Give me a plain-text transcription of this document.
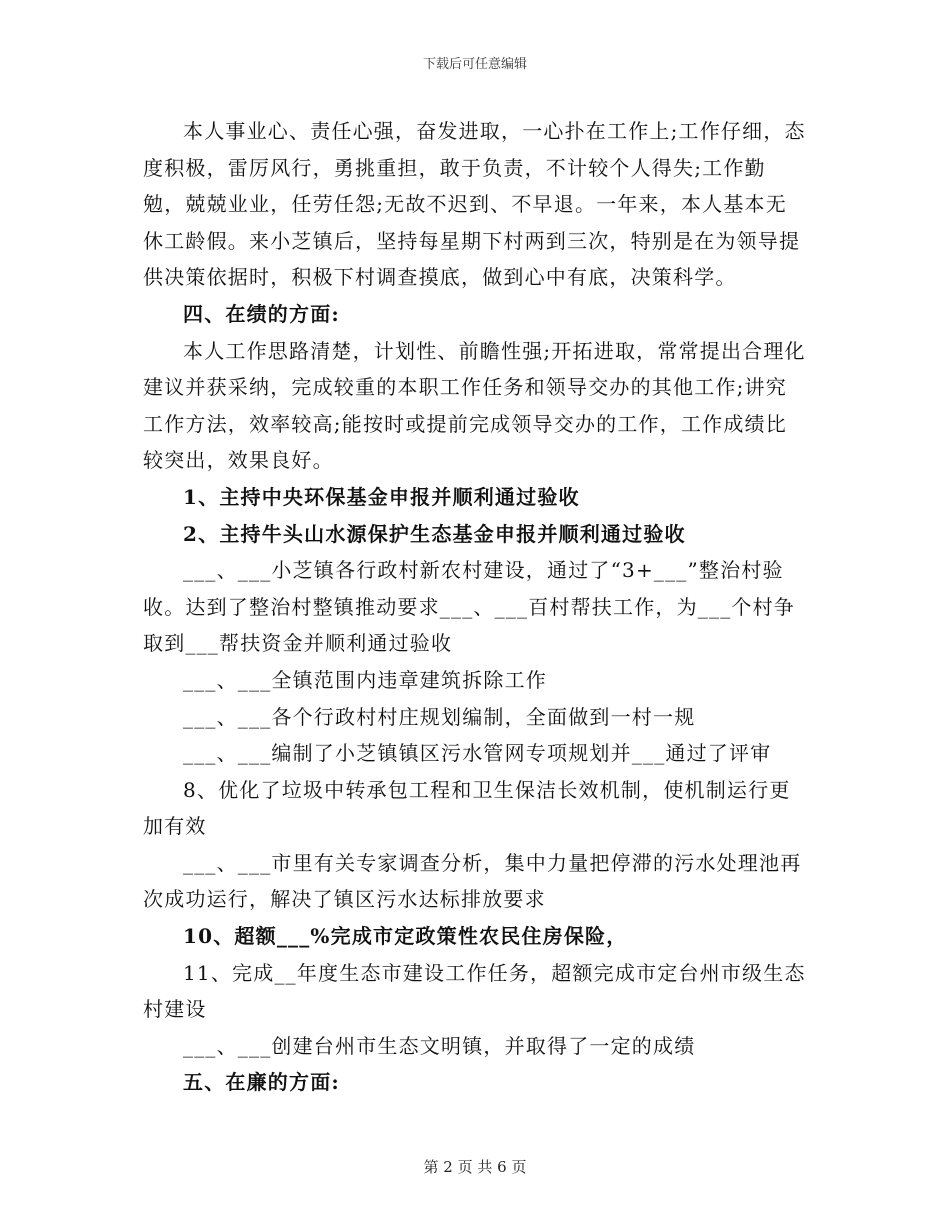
下载后可任意编辑

本人事业心、责任心强，奋发进取，一心扑在工作上;工作仔细，态度积极，雷厉风行，勇挑重担，敢于负责，不计较个人得失;工作勤勉，兢兢业业，任劳任怨;无故不迟到、不早退。一年来，本人基本无休工龄假。来小芝镇后，坚持每星期下村两到三次，特别是在为领导提供决策依据时，积极下村调查摸底，做到心中有底，决策科学。

四、在绩的方面:

本人工作思路清楚，计划性、前瞻性强;开拓进取，常常提出合理化建议并获采纳，完成较重的本职工作任务和领导交办的其他工作;讲究工作方法，效率较高;能按时或提前完成领导交办的工作，工作成绩比较突出，效果良好。

1、主持中央环保基金申报并顺利通过验收

2、主持牛头山水源保护生态基金申报并顺利通过验收

___、___小芝镇各行政村新农村建设，通过了“3+___”整治村验收。达到了整治村整镇推动要求___、___百村帮扶工作，为___个村争取到___帮扶资金并顺利通过验收

___、___全镇范围内违章建筑拆除工作

___、___各个行政村村庄规划编制，全面做到一村一规

___、___编制了小芝镇镇区污水管网专项规划并___通过了评审

8、优化了垃圾中转承包工程和卫生保洁长效机制，使机制运行更加有效

___、___市里有关专家调查分析，集中力量把停滞的污水处理池再次成功运行，解决了镇区污水达标排放要求

10、超额___%完成市定政策性农民住房保险，

11、完成__年度生态市建设工作任务，超额完成市定台州市级生态村建设

___、___创建台州市生态文明镇，并取得了一定的成绩

五、在廉的方面:

第 2 页 共 6 页
